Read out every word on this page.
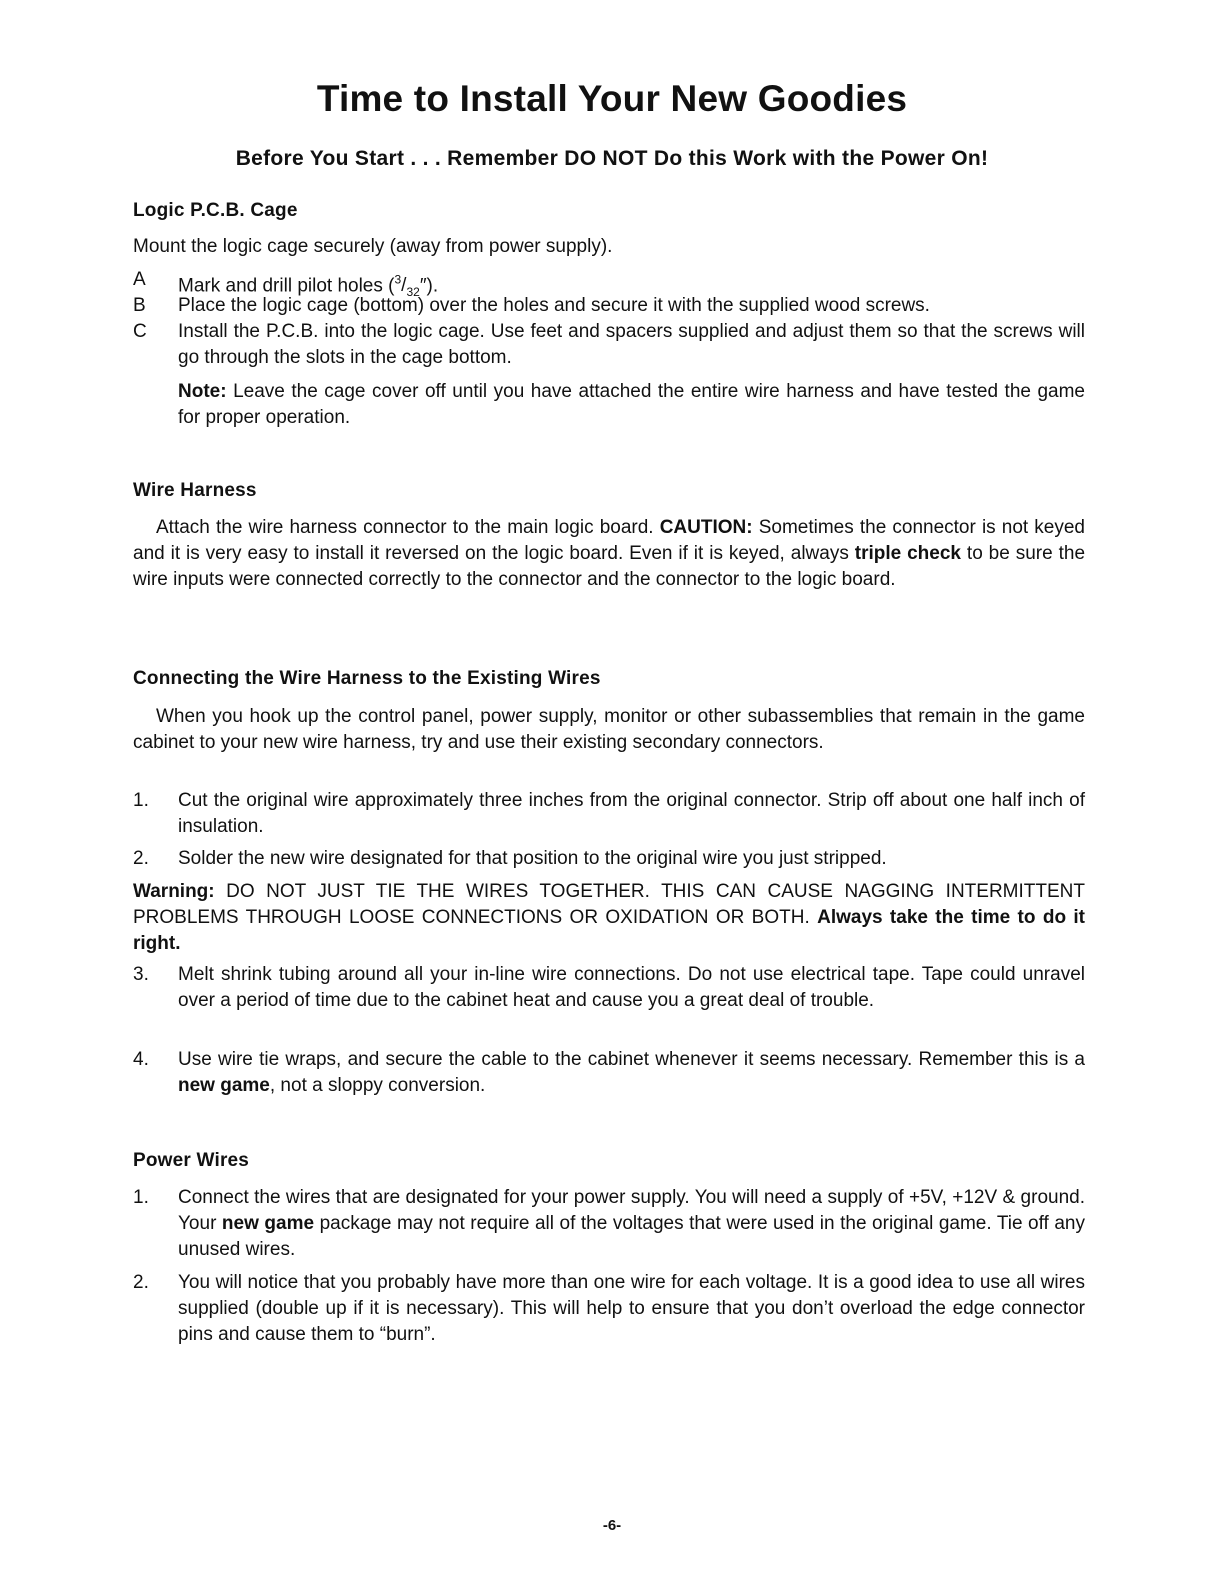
Time to Install Your New Goodies
Before You Start . . . Remember DO NOT Do this Work with the Power On!
Logic P.C.B. Cage

Mount the logic cage securely (away from power supply).

A	Mark and drill pilot holes $(^3/_{32}'')$.
B	Place the logic cage (bottom) over the holes and secure it with the supplied wood screws.
C	Install the P.C.B. into the logic cage. Use feet and spacers supplied and adjust them so that the screws will go through the slots in the cage bottom.
Note: Leave the cage cover off until you have attached the entire wire harness and have tested the game for proper operation.
Wire Harness

Attach the wire harness connector to the main logic board. CAUTION: Sometimes the connector is not keyed and it is very easy to install it reversed on the logic board. Even if it is keyed, always triple check to be sure the wire inputs were connected correctly to the connector and the connector to the logic board.

Connecting the Wire Harness to the Existing Wires

When you hook up the control panel, power supply, monitor or other subassemblies that remain in the game cabinet to your new wire harness, try and use their existing secondary connectors.

1.	Cut the original wire approximately three inches from the original connector. Strip off about one half inch of insulation.
2.	Solder the new wire designated for that position to the original wire you just stripped.

Warning: DO NOT JUST TIE THE WIRES TOGETHER. THIS CAN CAUSE NAGGING INTERMITTENT PROBLEMS THROUGH LOOSE CONNECTIONS OR OXIDATION OR BOTH. Always take the time to do it right.

3.	Melt shrink tubing around all your in-line wire connections. Do not use electrical tape. Tape could unravel over a period of time due to the cabinet heat and cause you a great deal of trouble.
4.	Use wire tie wraps, and secure the cable to the cabinet whenever it seems necessary. Remember this is a new game, not a sloppy conversion.
Power Wires
1.	Connect the wires that are designated for your power supply. You will need a supply of +5V, +12V & ground. Your new game package may not require all of the voltages that were used in the original game. Tie off any unused wires.
2.	You will notice that you probably have more than one wire for each voltage. It is a good idea to use all wires supplied (double up if it is necessary). This will help to ensure that you don’t overload the edge connector pins and cause them to “burn”.
-6-
